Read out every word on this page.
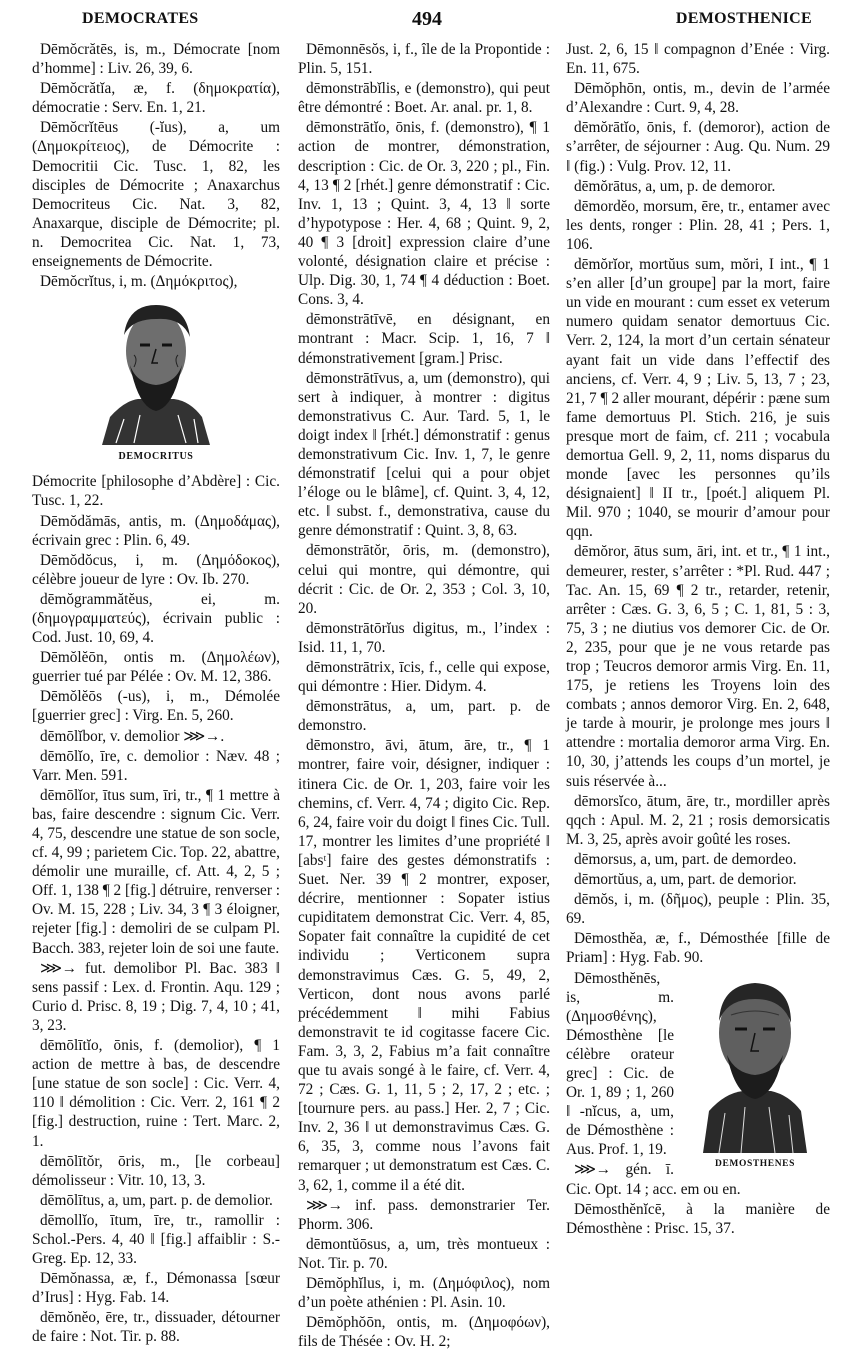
DEMOCRATES	494	DEMOSTHENICE

Dēmŏcrătēs, is, m., Démocrate [nom d’homme] : Liv. 26, 39, 6.

Dēmŏcrătĭa, æ, f. (δημοκρατία), démocratie : Serv. En. 1, 21.

Dēmŏcrĭtēus (-ĭus), a, um (Δημοκρίτειος), de Démocrite : Democritii Cic. Tusc. 1, 82, les disciples de Démocrite ; Anaxarchus Democriteus Cic. Nat. 3, 82, Anaxarque, disciple de Démocrite; pl. n. Democritea Cic. Nat. 1, 73, enseignements de Démocrite.

Dēmŏcrĭtus, i, m. (Δημόκριτος),

DEMOCRITUS

Démocrite [philosophe d’Abdère] : Cic. Tusc. 1, 22.

Dēmŏdămās, antis, m. (Δημοδάμας), écrivain grec : Plin. 6, 49.

Dēmŏdŏcus, i, m. (Δημόδοκος), célèbre joueur de lyre : Ov. Ib. 270.

dēmŏgrammătĕus, ei, m. (δημογραμματεύς), écrivain public : Cod. Just. 10, 69, 4.

Dēmŏlĕōn, ontis m. (Δημολέων), guerrier tué par Pélée : Ov. M. 12, 386.

Dēmŏlĕōs (-us), i, m., Démolée [guerrier grec] : Virg. En. 5, 260.

dēmōlĭbor, v. demolior ⋙→.

dēmōlĭo, īre, c. demolior : Næv. 48 ; Varr. Men. 591.

dēmōlĭor, ītus sum, īri, tr., ¶ 1 mettre à bas, faire descendre : signum Cic. Verr. 4, 75, descendre une statue de son socle, cf. 4, 99 ; parietem Cic. Top. 22, abattre, démolir une muraille, cf. Att. 4, 2, 5 ; Off. 1, 138 ¶ 2 [fig.] détruire, renverser : Ov. M. 15, 228 ; Liv. 34, 3 ¶ 3 éloigner, rejeter [fig.] : demoliri de se culpam Pl. Bacch. 383, rejeter loin de soi une faute.

⋙→ fut. demolibor Pl. Bac. 383 ‖ sens passif : Lex. d. Frontin. Aqu. 129 ; Curio d. Prisc. 8, 19 ; Dig. 7, 4, 10 ; 41, 3, 23.

dēmōlītĭo, ōnis, f. (demolior), ¶ 1 action de mettre à bas, de descendre [une statue de son socle] : Cic. Verr. 4, 110 ‖ démolition : Cic. Verr. 2, 161 ¶ 2 [fig.] destruction, ruine : Tert. Marc. 2, 1.

dēmōlītŏr, ōris, m., [le corbeau] démolisseur : Vitr. 10, 13, 3.

dēmōlītus, a, um, part. p. de demolior.

dēmollĭo, ītum, īre, tr., ramollir : Schol.-Pers. 4, 40 ‖ [fig.] affaiblir : S.-Greg. Ep. 12, 33.

Dēmŏnassa, æ, f., Démonassa [sœur d’Irus] : Hyg. Fab. 14.

dēmŏnĕo, ēre, tr., dissuader, détourner de faire : Not. Tir. p. 88.

Dēmonnēsŏs, i, f., île de la Propontide : Plin. 5, 151.

dēmonstrābĭlis, e (demonstro), qui peut être démontré : Boet. Ar. anal. pr. 1, 8.

dēmonstrātĭo, ōnis, f. (demonstro), ¶ 1 action de montrer, démonstration, description : Cic. de Or. 3, 220 ; pl., Fin. 4, 13 ¶ 2 [rhét.] genre démonstratif : Cic. Inv. 1, 13 ; Quint. 3, 4, 13 ‖ sorte d’hypotypose : Her. 4, 68 ; Quint. 9, 2, 40 ¶ 3 [droit] expression claire d’une volonté, désignation claire et précise : Ulp. Dig. 30, 1, 74 ¶ 4 déduction : Boet. Cons. 3, 4.

dēmonstrātīvē, en désignant, en montrant : Macr. Scip. 1, 16, 7 ‖ démonstrativement [gram.] Prisc.

dēmonstrātīvus, a, um (demonstro), qui sert à indiquer, à montrer : digitus demonstrativus C. Aur. Tard. 5, 1, le doigt index ‖ [rhét.] démonstratif : genus demonstrativum Cic. Inv. 1, 7, le genre démonstratif [celui qui a pour objet l’éloge ou le blâme], cf. Quint. 3, 4, 12, etc. ‖ subst. f., demonstrativa, cause du genre démonstratif : Quint. 3, 8, 63.

dēmonstrātŏr, ōris, m. (demonstro), celui qui montre, qui démontre, qui décrit : Cic. de Or. 2, 353 ; Col. 3, 10, 20.

dēmonstrātōrĭus digitus, m., l’index : Isid. 11, 1, 70.

dēmonstrātrix, īcis, f., celle qui expose, qui démontre : Hier. Didym. 4.

dēmonstrātus, a, um, part. p. de demonstro.

dēmonstro, āvi, ātum, āre, tr., ¶ 1 montrer, faire voir, désigner, indiquer : itinera Cic. de Or. 1, 203, faire voir les chemins, cf. Verr. 4, 74 ; digito Cic. Rep. 6, 24, faire voir du doigt ‖ fines Cic. Tull. 17, montrer les limites d’une propriété ‖ [absᵗ] faire des gestes démonstratifs : Suet. Ner. 39 ¶ 2 montrer, exposer, décrire, mentionner : Sopater istius cupiditatem demonstrat Cic. Verr. 4, 85, Sopater fait connaître la cupidité de cet individu ; Verticonem supra demonstravimus Cæs. G. 5, 49, 2, Verticon, dont nous avons parlé précédemment ‖ mihi Fabius demonstravit te id cogitasse facere Cic. Fam. 3, 3, 2, Fabius m’a fait connaître que tu avais songé à le faire, cf. Verr. 4, 72 ; Cæs. G. 1, 11, 5 ; 2, 17, 2 ; etc. ; [tournure pers. au pass.] Her. 2, 7 ; Cic. Inv. 2, 36 ‖ ut demonstravimus Cæs. G. 6, 35, 3, comme nous l’avons fait remarquer ; ut demonstratum est Cæs. C. 3, 62, 1, comme il a été dit.

⋙→ inf. pass. demonstrarier Ter. Phorm. 306.

dēmontŭōsus, a, um, très montueux : Not. Tir. p. 70.

Dēmŏphĭlus, i, m. (Δημόφιλος), nom d’un poète athénien : Pl. Asin. 10.

Dēmŏphŏōn, ontis, m. (Δημοφόων), fils de Thésée : Ov. H. 2;

Just. 2, 6, 15 ‖ compagnon d’Enée : Virg. En. 11, 675.

Dēmŏphōn, ontis, m., devin de l’armée d’Alexandre : Curt. 9, 4, 28.

dēmŏrātĭo, ōnis, f. (demoror), action de s’arrêter, de séjourner : Aug. Qu. Num. 29 ‖ (fig.) : Vulg. Prov. 12, 11.

dēmŏrātus, a, um, p. de demoror.

dēmordĕo, morsum, ēre, tr., entamer avec les dents, ronger : Plin. 28, 41 ; Pers. 1, 106.

dēmŏrĭor, mortŭus sum, mŏri, I int., ¶ 1 s’en aller [d’un groupe] par la mort, faire un vide en mourant : cum esset ex veterum numero quidam senator demortuus Cic. Verr. 2, 124, la mort d’un certain sénateur ayant fait un vide dans l’effectif des anciens, cf. Verr. 4, 9 ; Liv. 5, 13, 7 ; 23, 21, 7 ¶ 2 aller mourant, dépérir : pæne sum fame demortuus Pl. Stich. 216, je suis presque mort de faim, cf. 211 ; vocabula demortua Gell. 9, 2, 11, noms disparus du monde [avec les personnes qu’ils désignaient] ‖ II tr., [poét.] aliquem Pl. Mil. 970 ; 1040, se mourir d’amour pour qqn.

dēmŏror, ātus sum, āri, int. et tr., ¶ 1 int., demeurer, rester, s’arrêter : *Pl. Rud. 447 ; Tac. An. 15, 69 ¶ 2 tr., retarder, retenir, arrêter : Cæs. G. 3, 6, 5 ; C. 1, 81, 5 : 3, 75, 3 ; ne diutius vos demorer Cic. de Or. 2, 235, pour que je ne vous retarde pas trop ; Teucros demoror armis Virg. En. 11, 175, je retiens les Troyens loin des combats ; annos demoror Virg. En. 2, 648, je tarde à mourir, je prolonge mes jours ‖ attendre : mortalia demoror arma Virg. En. 10, 30, j’attends les coups d’un mortel, je suis réservée à...

dēmorsĭco, ātum, āre, tr., mordiller après qqch : Apul. M. 2, 21 ; rosis demorsicatis M. 3, 25, après avoir goûté les roses.

dēmorsus, a, um, part. de demordeo.

dēmortŭus, a, um, part. de demorior.

dēmŏs, i, m. (δῆμος), peuple : Plin. 35, 69.

Dēmosthĕa, æ, f., Démosthée [fille de Priam] : Hyg. Fab. 90.

DEMOSTHENES

Dēmosthĕnēs, is, m. (Δημοσθένης), Démosthène [le célèbre orateur grec] : Cic. de Or. 1, 89 ; 1, 260 ‖ -nĭcus, a, um, de Démosthène : Aus. Prof. 1, 19.

⋙→ gén. ī. Cic. Opt. 14 ; acc. em ou en.

Dēmosthĕnĭcē, à la manière de Démosthène : Prisc. 15, 37.
